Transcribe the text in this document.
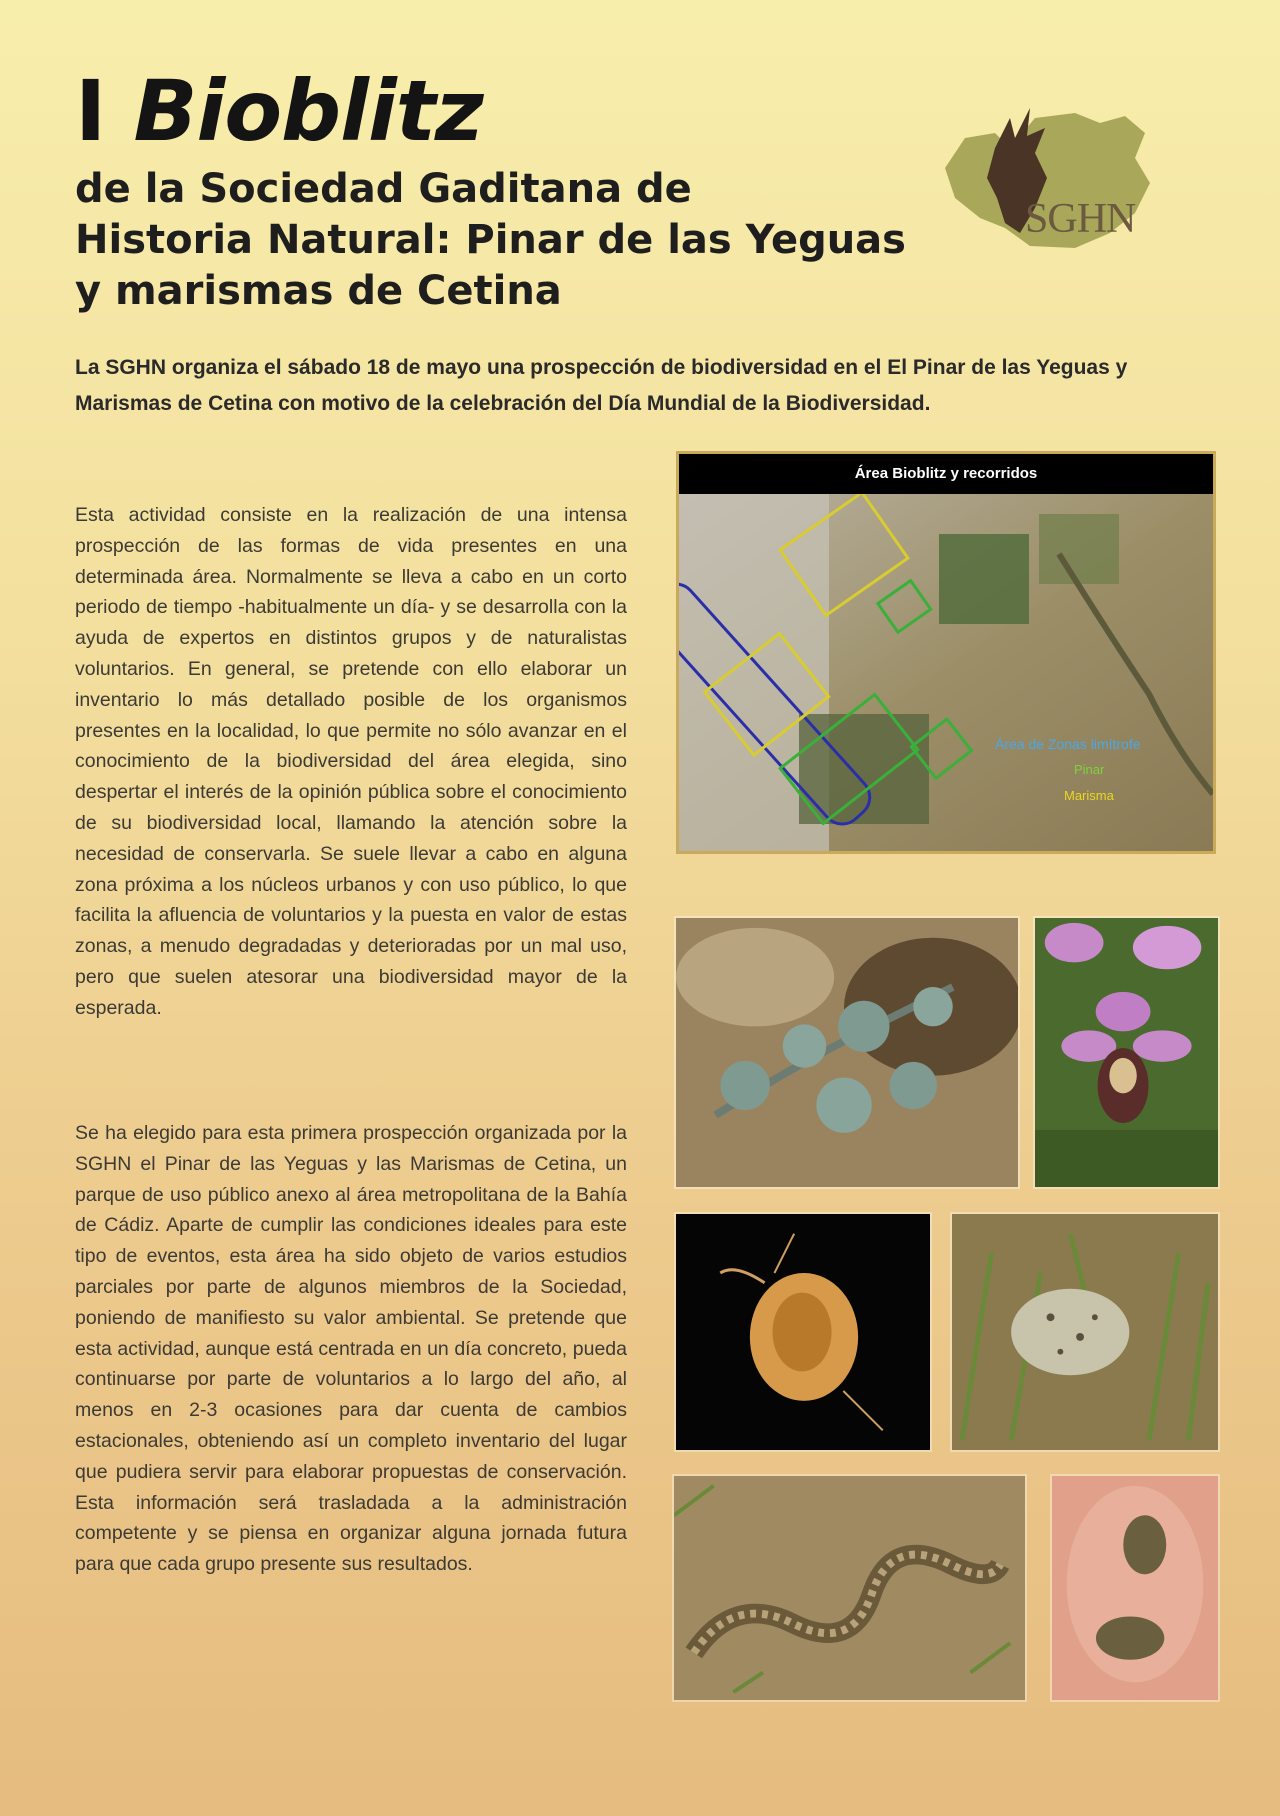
I Bioblitz
de la Sociedad Gaditana de
Historia Natural: Pinar de las Yeguas
y marismas de Cetina
SGHN
La SGHN organiza el sábado 18 de mayo una prospección de biodiversidad en el El Pinar de las Yeguas y Marismas de Cetina con motivo de la celebración del Día Mundial de la Biodiversidad.
Esta actividad consiste en la realización de una intensa prospección de las formas de vida presentes en una determinada área. Normalmente se lleva a cabo en un corto periodo de tiempo -habitualmente un día- y se desarrolla con la ayuda de expertos en distintos grupos y de naturalistas voluntarios. En general, se pretende con ello elaborar un inventario lo más detallado posible de los organismos presentes en la localidad, lo que permite no sólo avanzar en el conocimiento de la biodiversidad del área elegida, sino despertar el interés de la opinión pública sobre el conocimiento de su biodiversidad local, llamando la atención sobre la necesidad de conservarla. Se suele llevar a cabo en alguna zona próxima a los núcleos urbanos y con uso público, lo que facilita la afluencia de voluntarios y la puesta en valor de estas zonas, a menudo degradadas y deterioradas por un mal uso, pero que suelen atesorar una biodiversidad mayor de la esperada.
Se ha elegido para esta primera prospección organizada por la SGHN el Pinar de las Yeguas y las Marismas de Cetina, un parque de uso público anexo al área metropolitana de la Bahía de Cádiz. Aparte de cumplir las condiciones ideales para este tipo de eventos, esta área ha sido objeto de varios estudios parciales por parte de algunos miembros de la Sociedad, poniendo de manifiesto su valor ambiental. Se pretende que esta actividad, aunque está centrada en un día concreto, pueda continuarse por parte de voluntarios a lo largo del año, al menos en 2-3 ocasiones para dar cuenta de cambios estacionales, obteniendo así un completo inventario del lugar que pudiera servir para elaborar propuestas de conservación. Esta información será trasladada a la administración competente y se piensa en organizar alguna jornada futura para que cada grupo presente sus resultados.
Área Bioblitz y recorridos
Área de Zonas limítrofe
Pinar
Marisma
